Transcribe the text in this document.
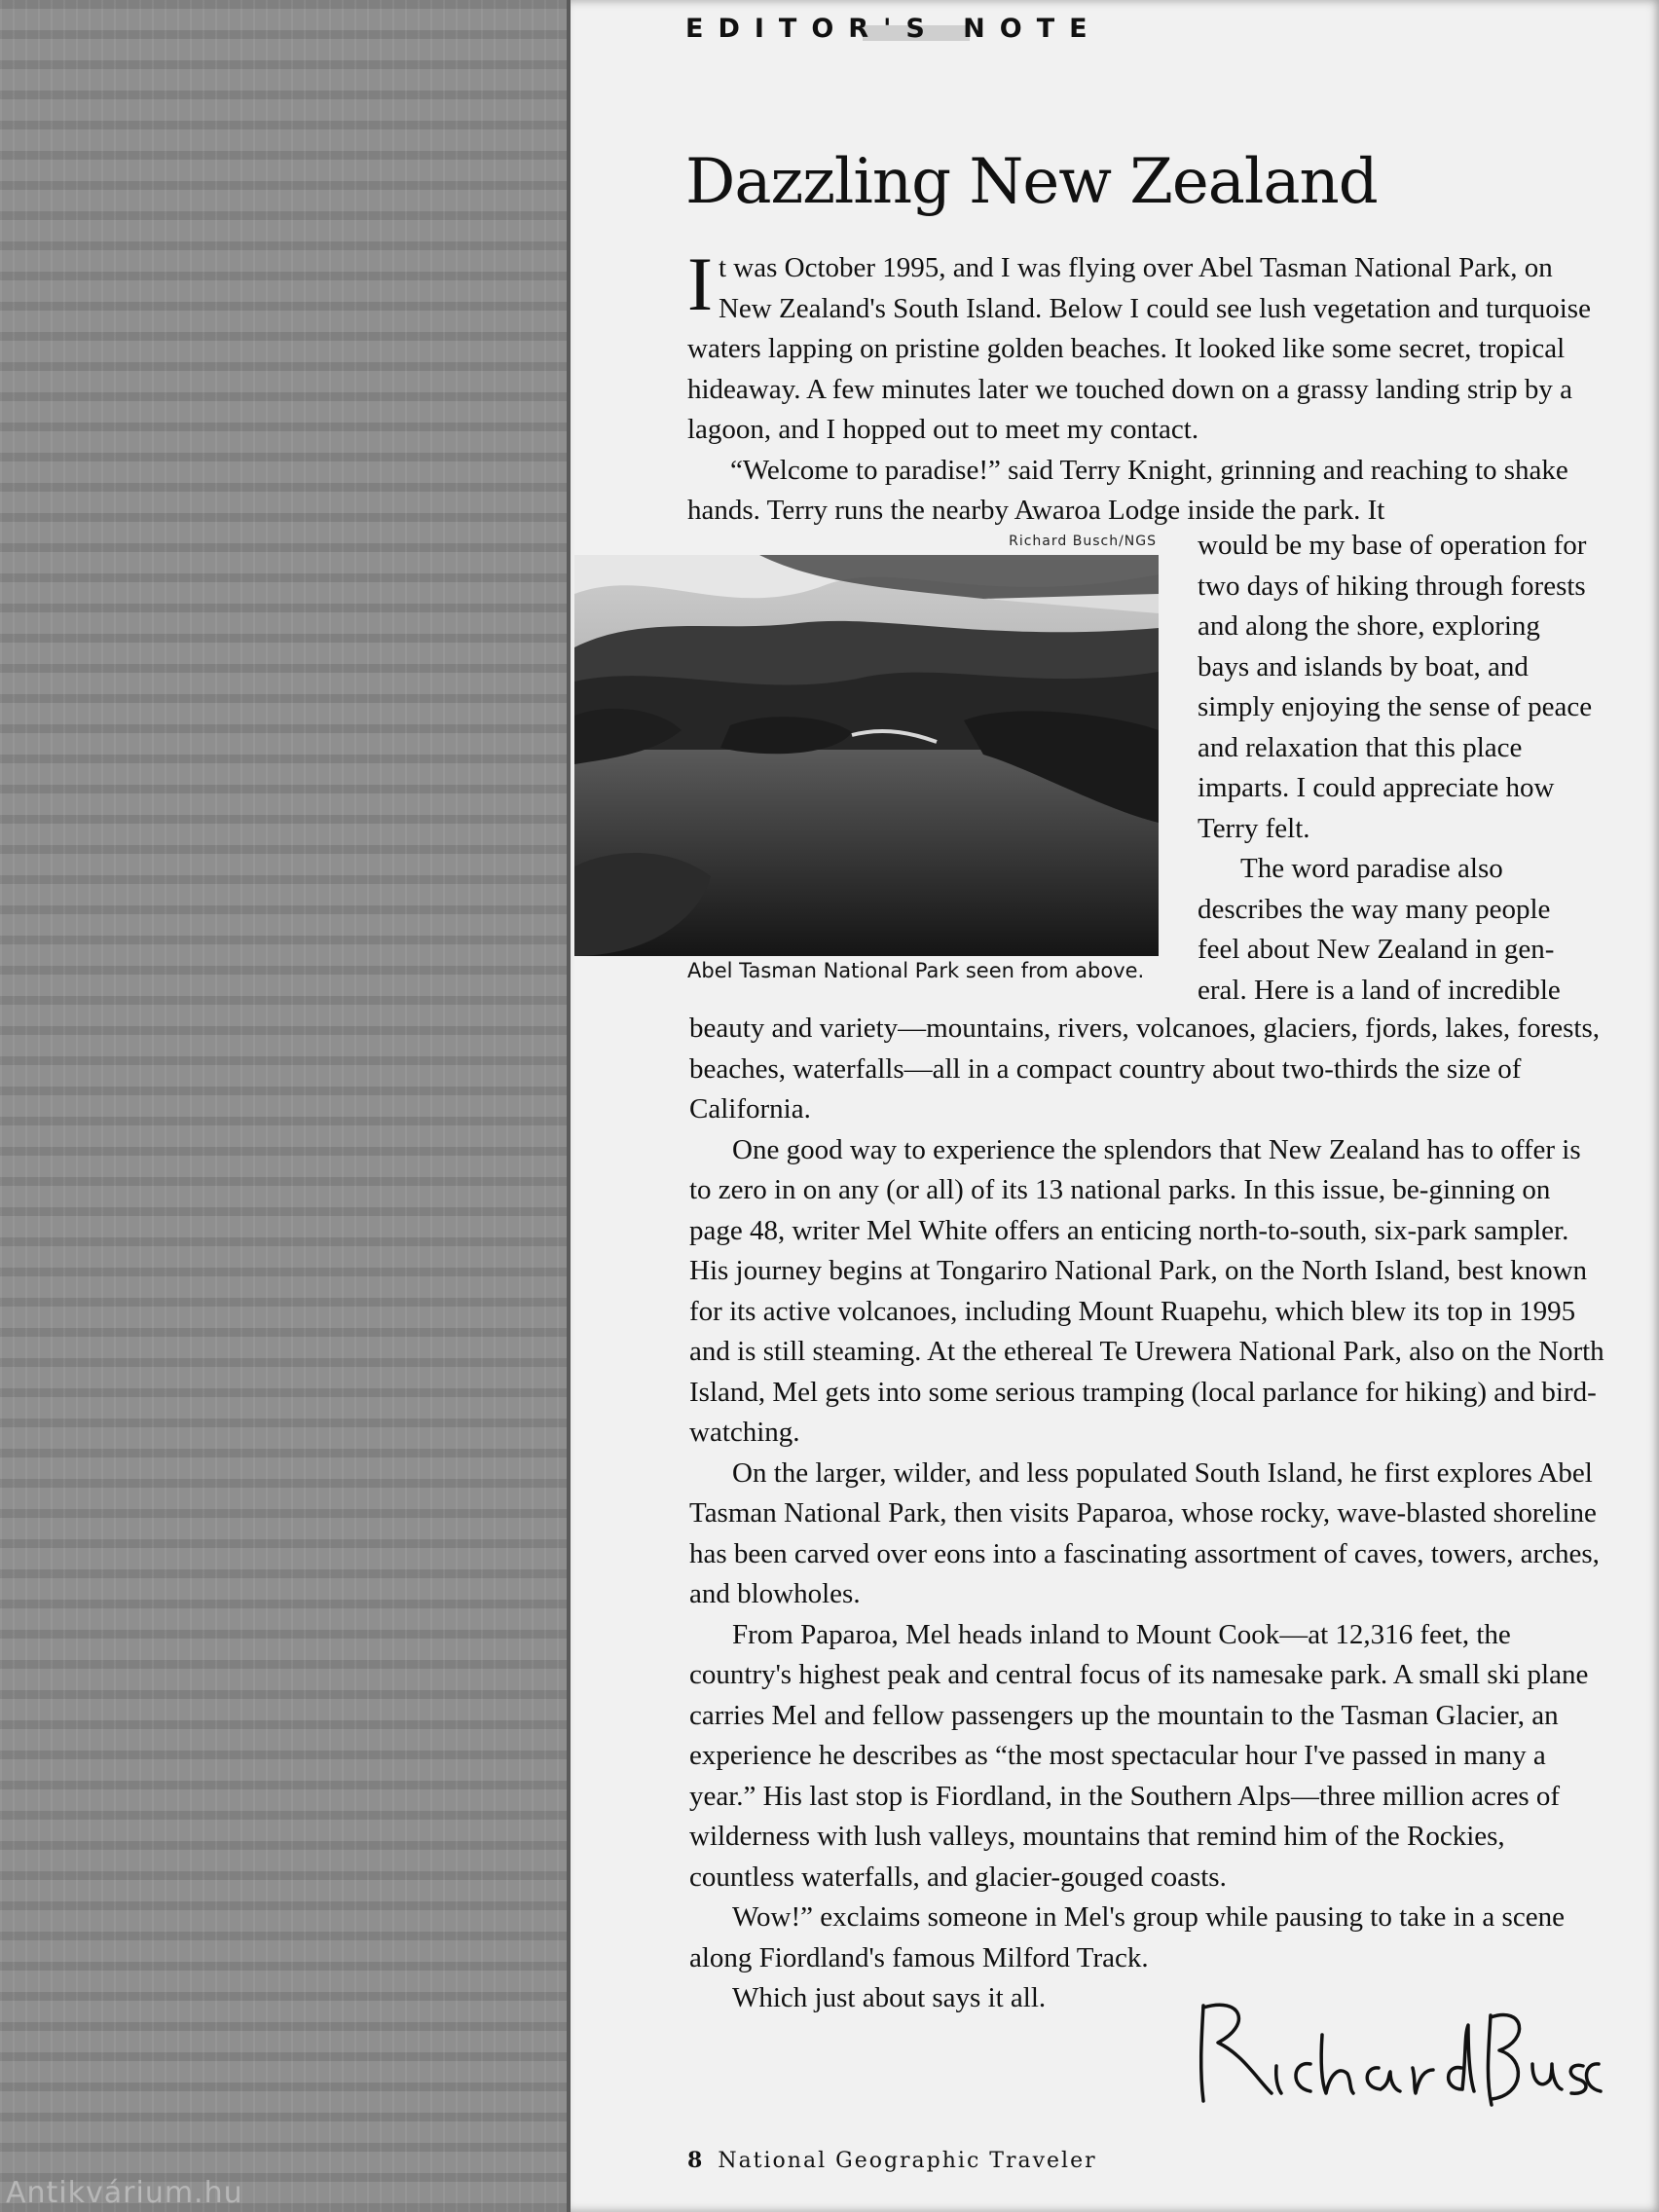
Antikvárium.hu
EDITOR'S NOTE
Dazzling New Zealand

It was October 1995, and I was flying over Abel Tasman National Park, on New Zealand's South Island. Below I could see lush vegetation and turquoise waters lapping on pristine golden beaches. It looked like some secret, tropical hideaway. A few minutes later we touched down on a grassy landing strip by a lagoon, and I hopped out to meet my contact.

“Welcome to paradise!” said Terry Knight, grinning and reaching to shake hands. Terry runs the nearby Awaroa Lodge inside the park. It

Richard Busch/NGS
Abel Tasman National Park seen from above.

would be my base of operation for two days of hiking through forests and along the shore, exploring bays and islands by boat, and simply enjoying the sense of peace and relaxation that this place imparts. I could appreciate how Terry felt.

The word paradise also describes the way many people feel about New Zealand in gen-eral. Here is a land of incredible

beauty and variety—mountains, rivers, volcanoes, glaciers, fjords, lakes, forests, beaches, waterfalls—all in a compact country about two-thirds the size of California.

One good way to experience the splendors that New Zealand has to offer is to zero in on any (or all) of its 13 national parks. In this issue, be-ginning on page 48, writer Mel White offers an enticing north-to-south, six-park sampler. His journey begins at Tongariro National Park, on the North Island, best known for its active volcanoes, including Mount Ruapehu, which blew its top in 1995 and is still steaming. At the ethereal Te Urewera National Park, also on the North Island, Mel gets into some serious tramping (local parlance for hiking) and bird-watching.

On the larger, wilder, and less populated South Island, he first explores Abel Tasman National Park, then visits Paparoa, whose rocky, wave-blasted shoreline has been carved over eons into a fascinating assortment of caves, towers, arches, and blowholes.

From Paparoa, Mel heads inland to Mount Cook—at 12,316 feet, the country's highest peak and central focus of its namesake park. A small ski plane carries Mel and fellow passengers up the mountain to the Tasman Glacier, an experience he describes as “the most spectacular hour I've passed in many a year.” His last stop is Fiordland, in the Southern Alps—three million acres of wilderness with lush valleys, mountains that remind him of the Rockies, countless waterfalls, and glacier-gouged coasts.

Wow!” exclaims someone in Mel's group while pausing to take in a scene along Fiordland's famous Milford Track.

Which just about says it all.

8 National Geographic Traveler
